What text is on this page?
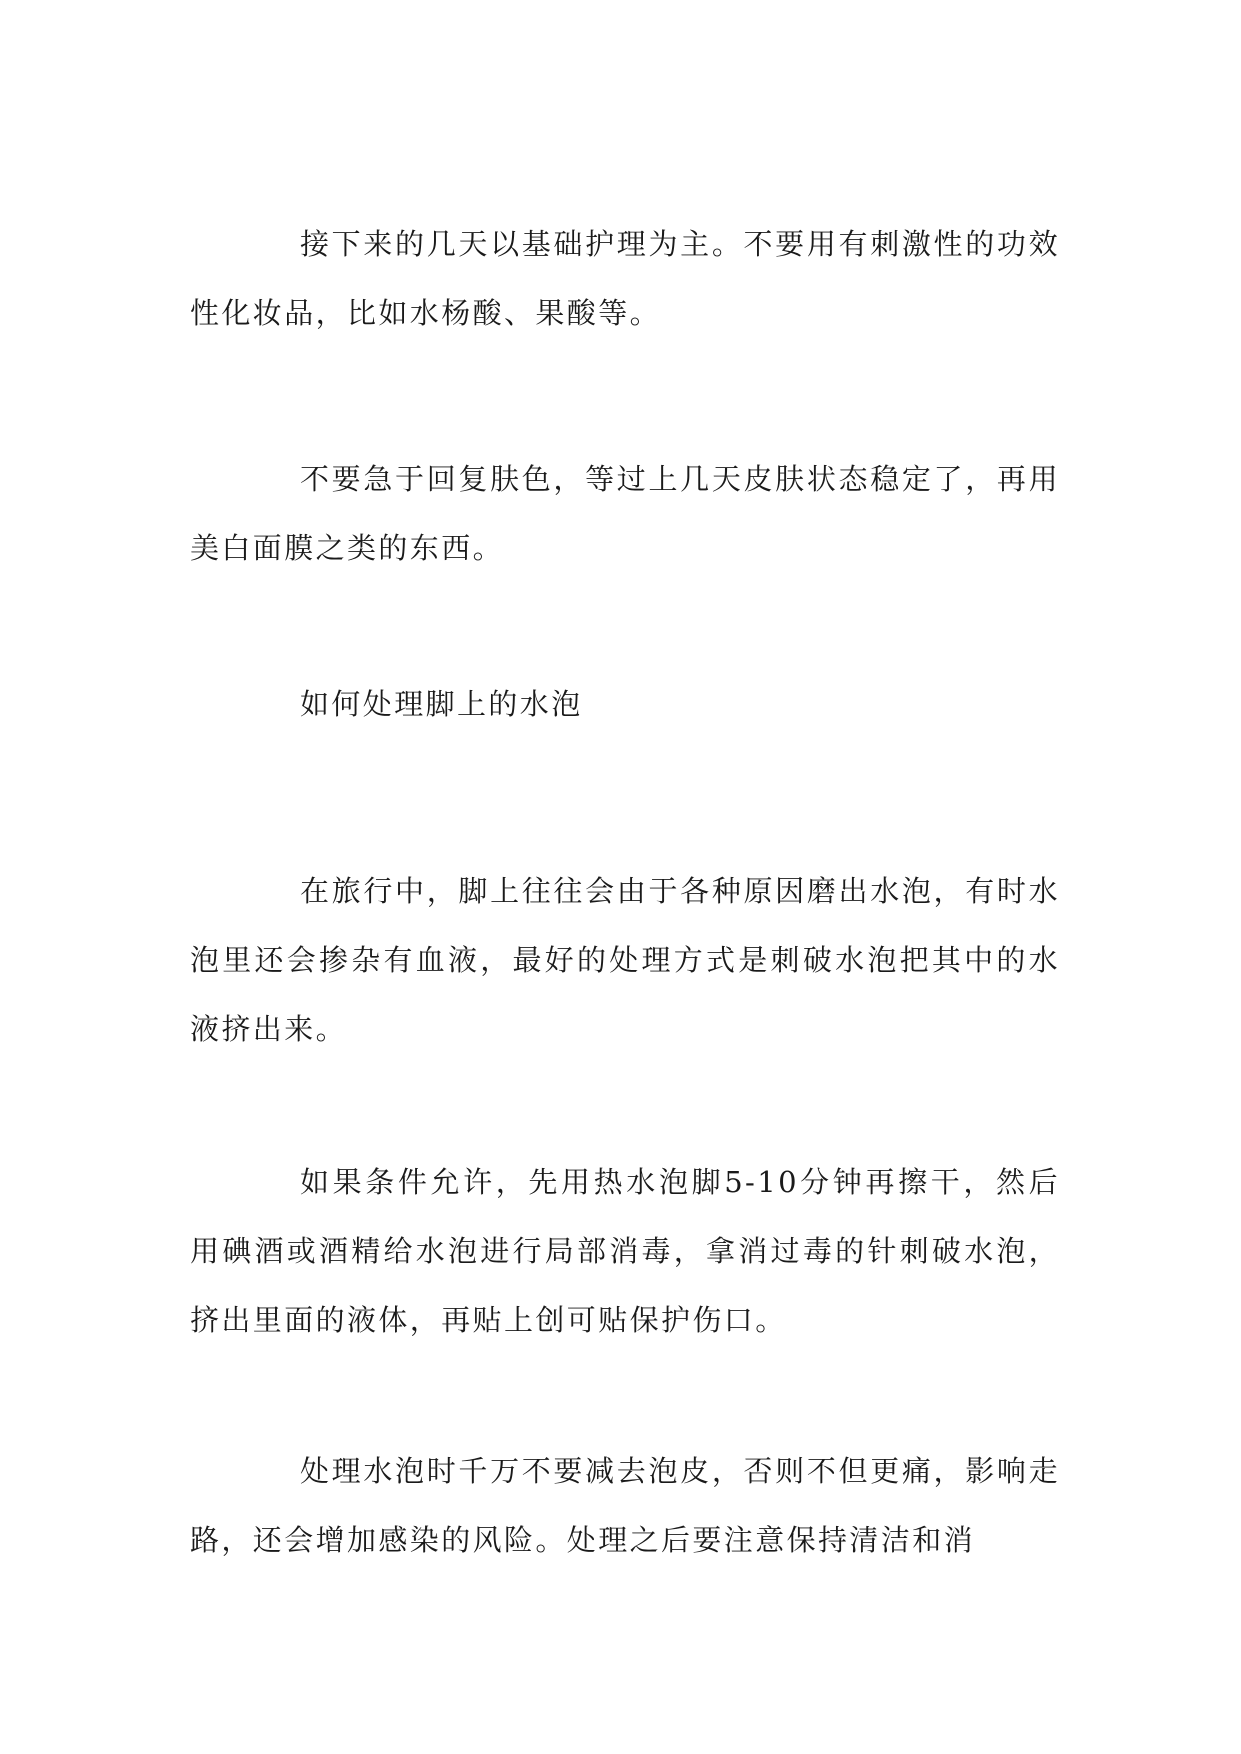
接下来的几天以基础护理为主。不要用有刺激性的功效性化妆品，比如水杨酸、果酸等。

不要急于回复肤色，等过上几天皮肤状态稳定了，再用美白面膜之类的东西。

如何处理脚上的水泡

在旅行中，脚上往往会由于各种原因磨出水泡，有时水泡里还会掺杂有血液，最好的处理方式是刺破水泡把其中的水液挤出来。

如果条件允许，先用热水泡脚5-10分钟再擦干，然后用碘酒或酒精给水泡进行局部消毒，拿消过毒的针刺破水泡，挤出里面的液体，再贴上创可贴保护伤口。

处理水泡时千万不要减去泡皮，否则不但更痛，影响走路，还会增加感染的风险。处理之后要注意保持清洁和消
